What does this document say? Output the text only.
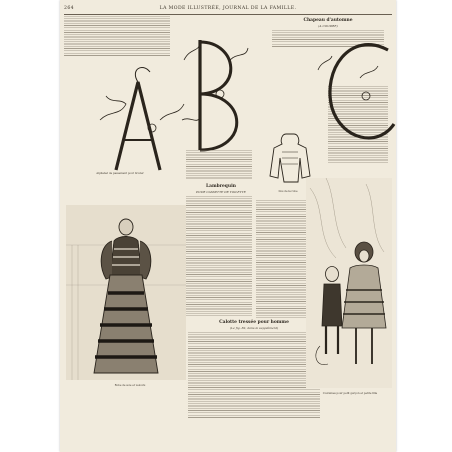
264	LA MODE ILLUSTRÉE, JOURNAL DE LA FAMILLE.
Chapeau d'automne
(A COUDRE)
Alphabet de passement pour broder
Dos de la robe
Lambrequin
POUR CASSETTE DE TOILETTE
Robe de soie et velours
Calotte tressée pour homme
(Le fig. 82, dans le supplément)
Costumes pour petit garçon et petite fille
